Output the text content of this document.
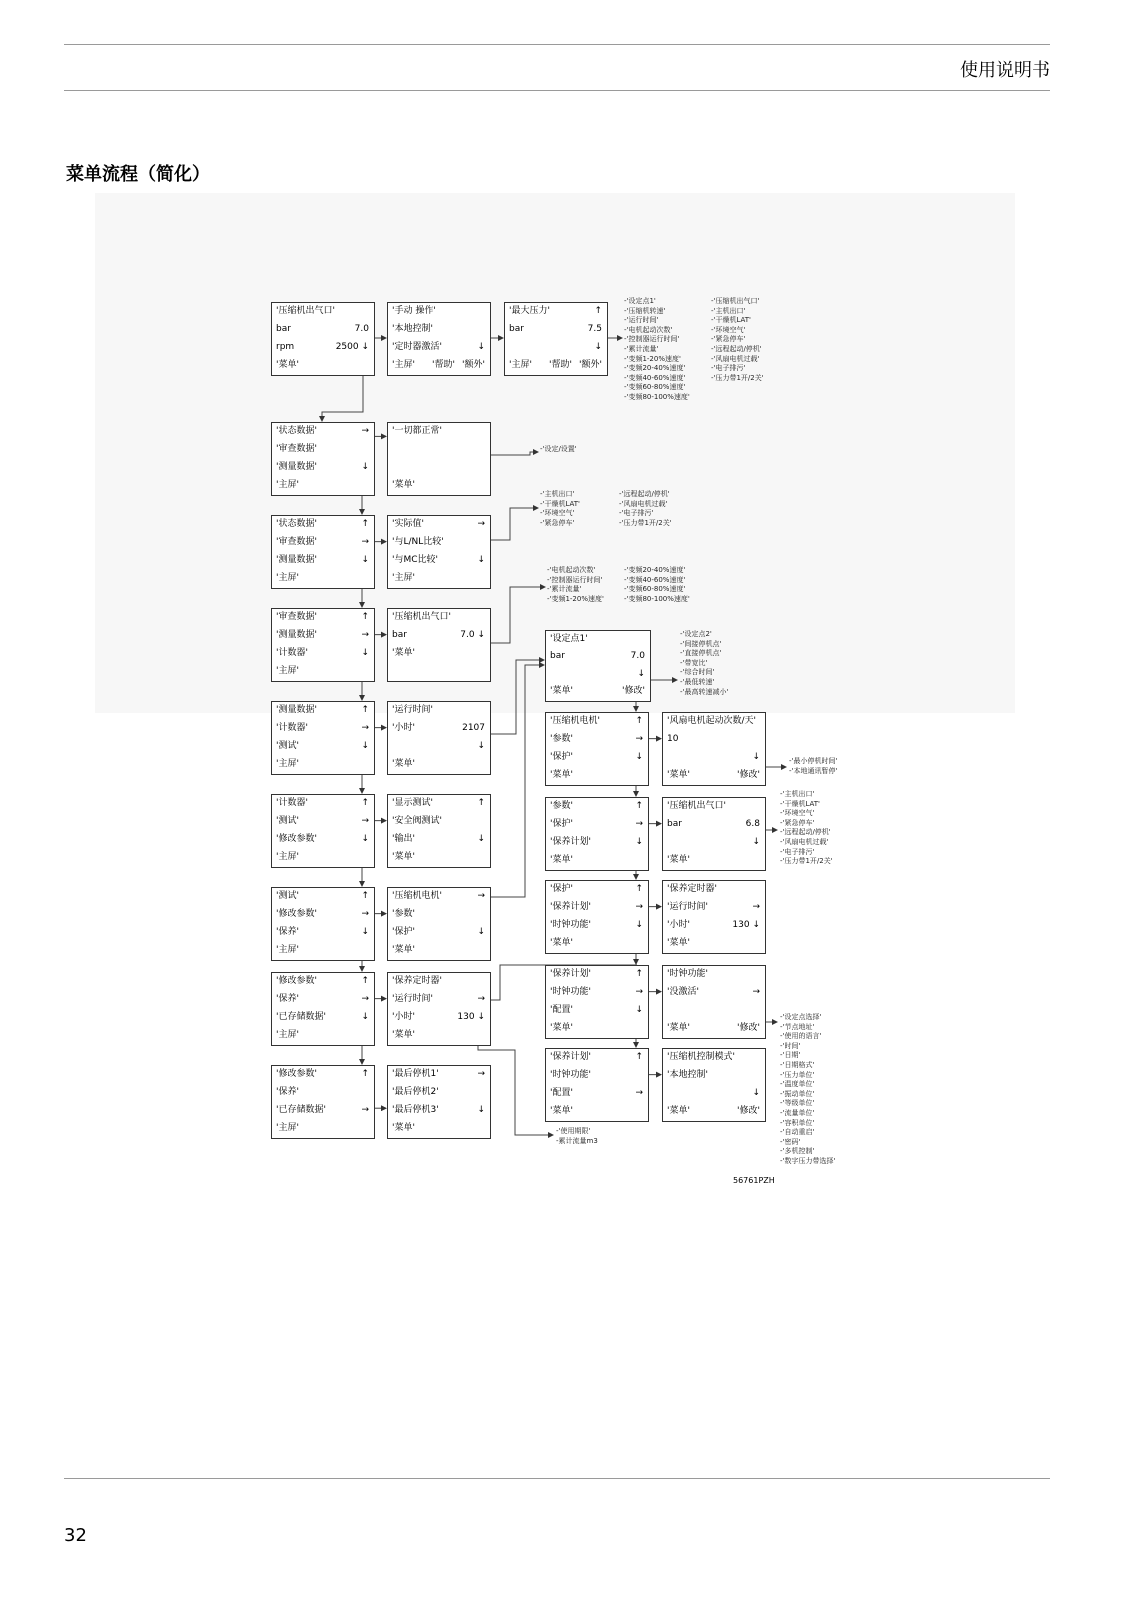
使用说明书
菜单流程（简化）
'压缩机出气口'
bar	7.0
rpm	2500 ↓
'菜单'
'手动 操作'
'本地控制'
'定时器激活'	↓
'主屏' '帮助' '额外'
'最大压力'	↑
bar	7.5
↓
'主屏' '帮助' '额外'
'状态数据'	→
'审查数据'
'测量数据'	↓
'主屏'
'一切都正常'
'菜单'
'状态数据'	↑
'审查数据'	→
'测量数据'	↓
'主屏'
'实际值'	→
'与L/NL比较'
'与MC比较'	↓
'主屏'
'审查数据'	↑
'测量数据'	→
'计数器'	↓
'主屏'
'压缩机出气口'
bar	7.0 ↓
'菜单'
'测量数据'	↑
'计数器'	→
'测试'	↓
'主屏'
'运行时间'
'小时'	2107
↓
'菜单'
'计数器'	↑
'测试'	→
'修改参数'	↓
'主屏'
'显示测试'	↑
'安全阀测试'
'输出'	↓
'菜单'
'测试'	↑
'修改参数'	→
'保养'	↓
'主屏'
'压缩机电机'	→
'参数'
'保护'	↓
'菜单'
'修改参数'	↑
'保养'	→
'已存储数据'	↓
'主屏'
'保养定时器'
'运行时间'	→
'小时'	130 ↓
'菜单'
'修改参数'	↑
'保养'
'已存储数据'	→
'主屏'
'最后停机1'	→
'最后停机2'
'最后停机3'	↓
'菜单'
'设定点1'
bar	7.0
↓
'菜单'	'修改'
'压缩机电机'	↑
'参数'	→
'保护'	↓
'菜单'
'风扇电机起动次数/天'
10
↓
'菜单'	'修改'
'参数'	↑
'保护'	→
'保养计划'	↓
'菜单'
'压缩机出气口'
bar	6.8
↓
'菜单'
'保护'	↑
'保养计划'	→
'时钟功能'	↓
'菜单'
'保养定时器'
'运行时间'	→
'小时'	130 ↓
'菜单'
'保养计划'	↑
'时钟功能'	→
'配置'	↓
'菜单'
'时钟功能'
'没激活'	→
'菜单'	'修改'
'保养计划'	↑
'时钟功能'
'配置'	→
'菜单'
'压缩机控制模式'
'本地控制'
↓
'菜单'	'修改'
-'设定点1'
-'压缩机转速'
-'运行时间'
-'电机起动次数'
-'控制器运行时间'
-'累计流量'
-'变频1-20%速度'
-'变频20-40%速度'
-'变频40-60%速度'
-'变频60-80%速度'
-'变频80-100%速度'
-'压缩机出气口'
-'主机出口'
-'干燥机LAT'
-'环境空气'
-'紧急停车'
-'远程起动/停机'
-'风扇电机过载'
-'电子排污'
-'压力带1开/2关'
-'设定/设置'
-'主机出口'
-'干燥机LAT'
-'环境空气'
-'紧急停车'
-'远程起动/停机'
-'风扇电机过载'
-'电子排污'
-'压力带1开/2关'
-'电机起动次数'
-'控制器运行时间'
-'累计流量'
-'变频1-20%速度'
-'变频20-40%速度'
-'变频40-60%速度'
-'变频60-80%速度'
-'变频80-100%速度'
-'设定点2'
-'间接停机点'
-'直接停机点'
-'带宽比'
-'综合时间'
-'最低转速'
-'最高转速减小'
-'最小停机时间'
-'本地通讯暂停'
-'主机出口'
-'干燥机LAT'
-'环境空气'
-'紧急停车'
-'远程起动/停机'
-'风扇电机过载'
-'电子排污'
-'压力带1开/2关'
-'设定点选择'
-'节点地址'
-'使用的语言'
-'时间'
-'日期'
-'日期格式'
-'压力单位'
-'温度单位'
-'振动单位'
-'等级单位'
-'流量单位'
-'容积单位'
-'自动重启'
-'密码'
-'多机控制'
-'数字压力带选择'
-'使用期限'
-累计流量m3
56761PZH
32
